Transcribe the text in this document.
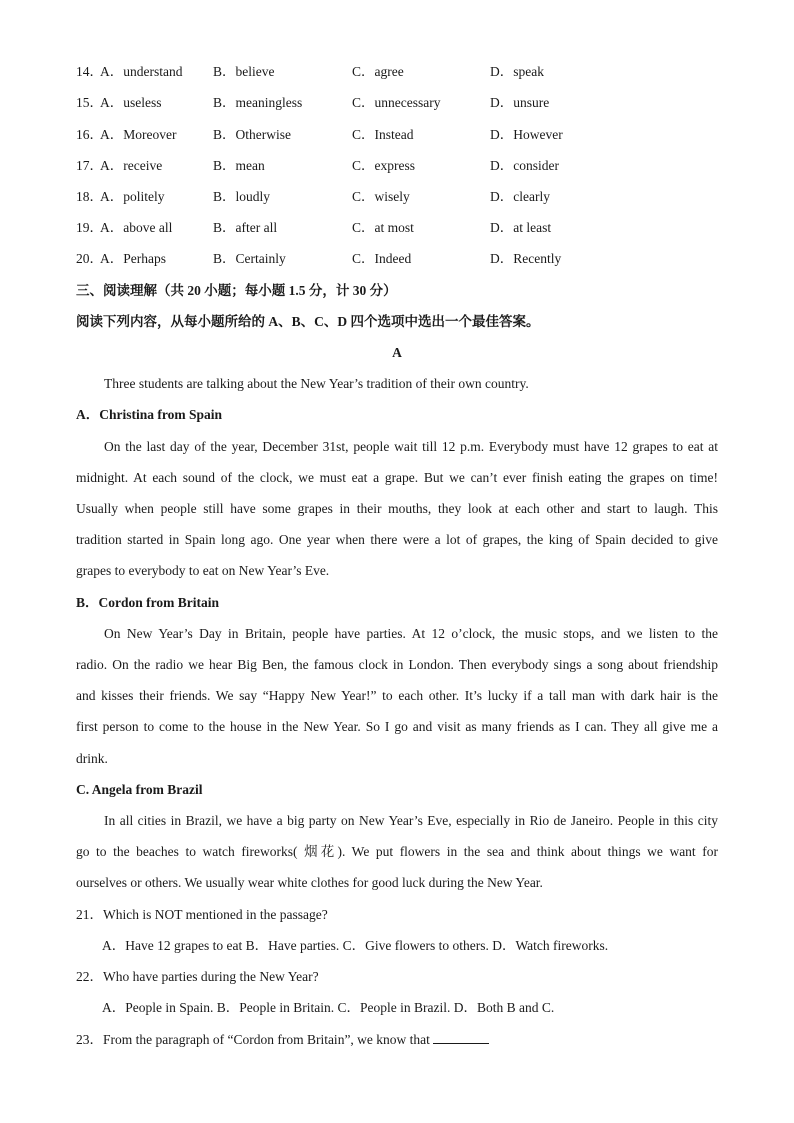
14．
A．understand B．believe	C．agree	D．speak
15．
A．useless	B．meaningless	C．unnecessary	D．unsure
16．
A．Moreover	B．Otherwise	C．Instead	D．However
17．
A．receive	B．mean	C．express	D．consider
18．
A．politely	B．loudly	C．wisely	D．clearly
19．
A．above all	B．after all	C．at most	D．at least
20．
A．Perhaps	B．Certainly	C．Indeed	D．Recently
三、阅读理解（共 20 小题；每小题 1.5 分，计 30 分）
阅读下列内容，从每小题所给的 A、B、C、D 四个选项中选出一个最佳答案。
A
Three students are talking about the New Year’s tradition of their own country.
A．Christina from Spain
On the last day of the year, December 31st, people wait till 12 p.m. Everybody must have 12 grapes to eat at
midnight. At each sound of the clock, we must eat a grape. But we can’t ever finish eating the grapes on time!
Usually when people still have some grapes in their mouths, they look at each other and start to laugh. This
tradition started in Spain long ago. One year when there were a lot of grapes, the king of Spain decided to give
grapes to everybody to eat on New Year’s Eve.
B．Cordon from Britain
On New Year’s Day in Britain, people have parties. At 12 o’clock, the music stops, and we listen to the
radio. On the radio we hear Big Ben, the famous clock in London. Then everybody sings a song about friendship
and kisses their friends. We say “Happy New Year!” to each other. It’s lucky if a tall man with dark hair is the
first person to come to the house in the New Year. So I go and visit as many friends as I can. They all give me a
drink.
C. Angela from Brazil
In all cities in Brazil, we have a big party on New Year’s Eve, especially in Rio de Janeiro. People in this city
go to the beaches to watch fireworks( 烟花). We put flowers in the sea and think about things we want for
ourselves or others. We usually wear white clothes for good luck during the New Year.
21．Which is NOT mentioned in the passage?
A．Have 12 grapes to eat B．Have parties. C．Give flowers to others. D．Watch fireworks.
22．Who have parties during the New Year?
A．People in Spain. B．People in Britain. C．People in Brazil. D．Both B and C.
23．From the paragraph of “Cordon from Britain”, we know that
